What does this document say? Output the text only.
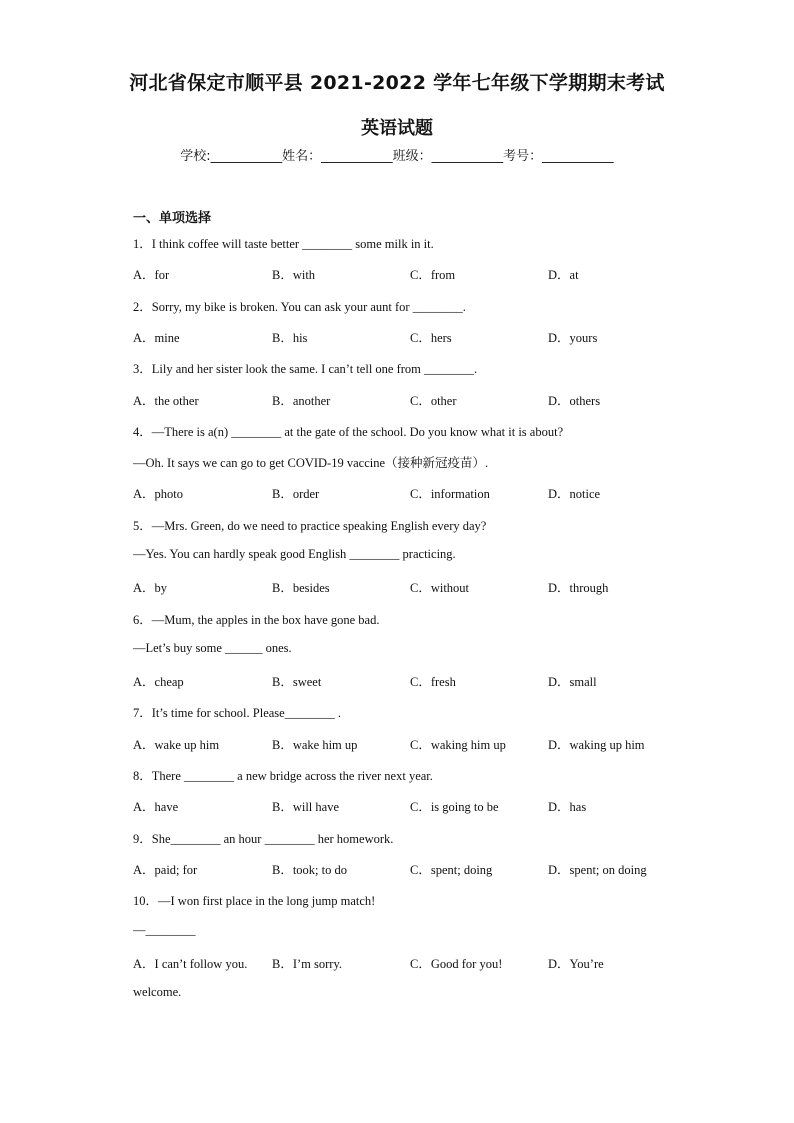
河北省保定市顺平县 2021-2022 学年七年级下学期期末考试
英语试题
学校:___________姓名：___________班级：___________考号：___________
一、单项选择
1．I think coffee will taste better ________ some milk in it.
A．for	B．with	C．from	D．at
2．Sorry, my bike is broken. You can ask your aunt for ________.
A．mine	B．his	C．hers	D．yours
3．Lily and her sister look the same. I can’t tell one from ________.
A．the other	B．another	C．other	D．others
4．—There is a(n) ________ at the gate of the school. Do you know what it is about?
—Oh. It says we can go to get COVID-19 vaccine（接种新冠疫苗）.
A．photo	B．order	C．information	D．notice
5．—Mrs. Green, do we need to practice speaking English every day?
—Yes. You can hardly speak good English ________ practicing.
A．by	B．besides	C．without	D．through
6．—Mum, the apples in the box have gone bad.
—Let’s buy some ______ ones.
A．cheap	B．sweet	C．fresh	D．small
7．It’s time for school. Please________ .
A．wake up him	B．wake him up	C．waking him up	D．waking up him
8．There ________ a new bridge across the river next year.
A．have	B．will have	C．is going to be	D．has
9．She________ an hour ________ her homework.
A．paid; for	B．took; to do	C．spent; doing	D．spent; on doing
10．—I won first place in the long jump match!
—________
A．I can’t follow you. B．I’m sorry.	C．Good for you!	D．You’re
welcome.
